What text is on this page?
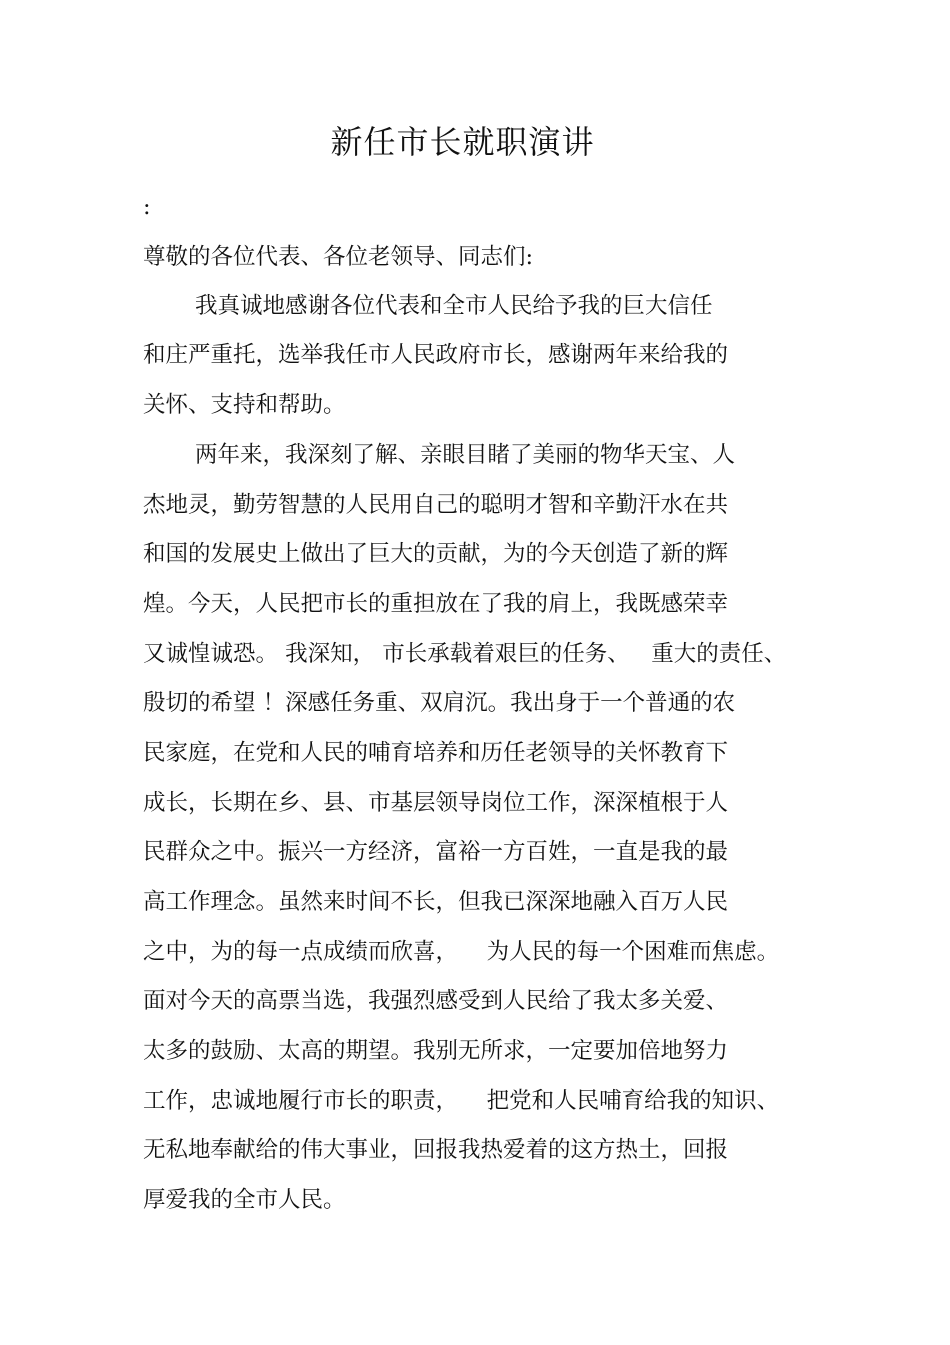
新任市长就职演讲
:
尊敬的各位代表、各位老领导、同志们:
我真诚地感谢各位代表和全市人民给予我的巨大信任
和庄严重托，选举我任市人民政府市长，感谢两年来给我的
关怀、支持和帮助。
两年来，我深刻了解、亲眼目睹了美丽的物华天宝、人
杰地灵，勤劳智慧的人民用自己的聪明才智和辛勤汗水在共
和国的发展史上做出了巨大的贡献，为的今天创造了新的辉
煌。今天，人民把市长的重担放在了我的肩上，我既感荣幸
又诚惶诚恐。 我深知， 市长承载着艰巨的任务、   重大的责任、
殷切的希望 ！深感任务重、双肩沉。我出身于一个普通的农
民家庭，在党和人民的哺育培养和历任老领导的关怀教育下
成长，长期在乡、县、市基层领导岗位工作，深深植根于人
民群众之中。振兴一方经济，富裕一方百姓，一直是我的最
高工作理念。虽然来时间不长，但我已深深地融入百万人民
之中，为的每一点成绩而欣喜，    为人民的每一个困难而焦虑。
面对今天的高票当选，我强烈感受到人民给了我太多关爱、
太多的鼓励、太高的期望。我别无所求，一定要加倍地努力
工作，忠诚地履行市长的职责，    把党和人民哺育给我的知识、
无私地奉献给的伟大事业，回报我热爱着的这方热土，回报
厚爱我的全市人民。
